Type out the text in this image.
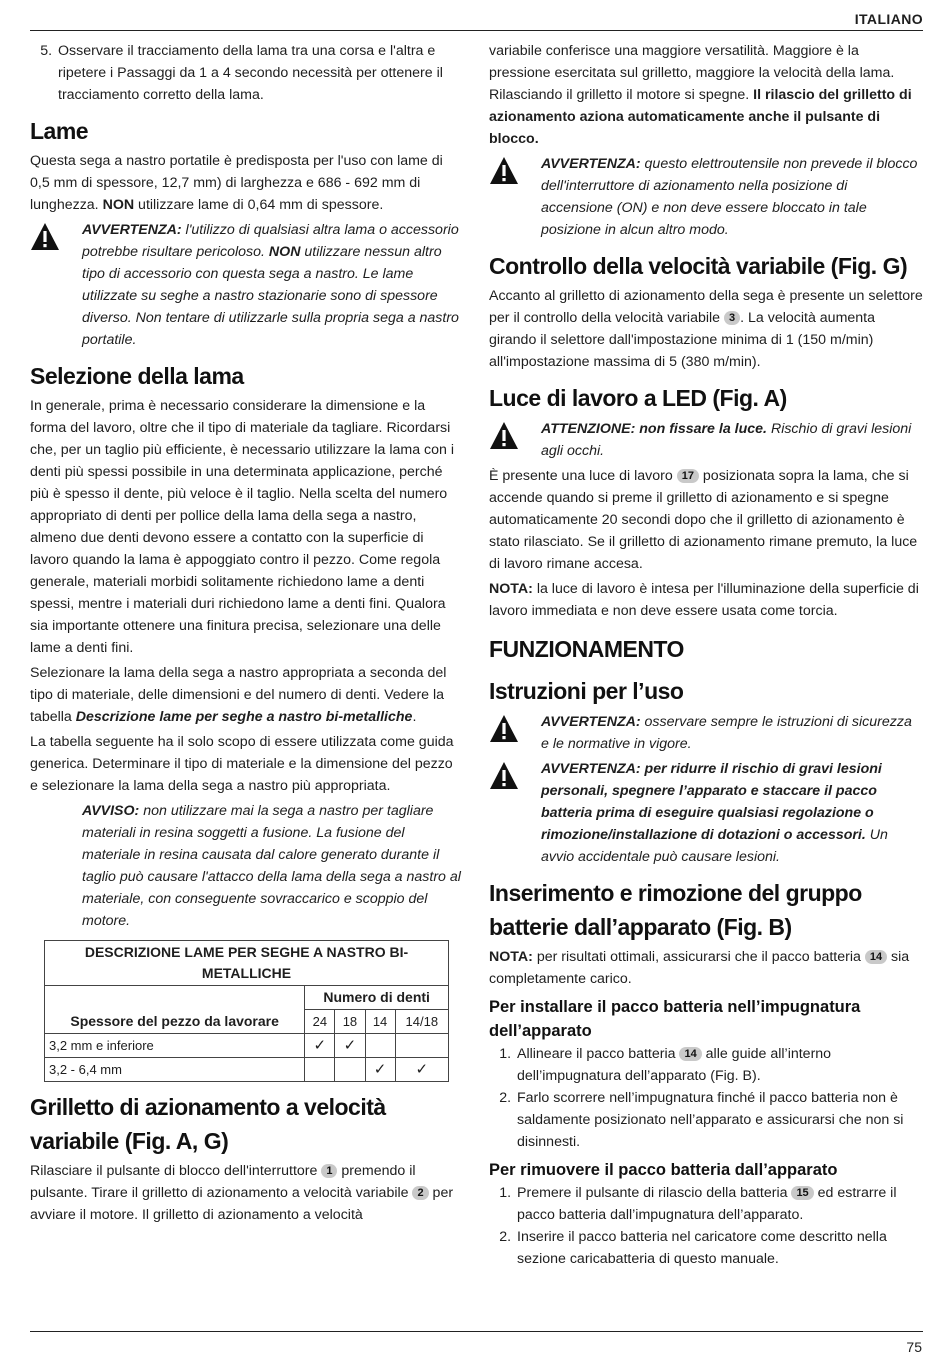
ITALIANO
5. Osservare il tracciamento della lama tra una corsa e l'altra e ripetere i Passaggi da 1 a 4 secondo necessità per ottenere il tracciamento corretto della lama.
Lame

Questa sega a nastro portatile è predisposta per l'uso con lame di 0,5 mm di spessore, 12,7 mm) di larghezza e 686 - 692 mm di lunghezza. NON utilizzare lame di 0,64 mm di spessore.

AVVERTENZA: l'utilizzo di qualsiasi altra lama o accessorio potrebbe risultare pericoloso. NON utilizzare nessun altro tipo di accessorio con questa sega a nastro. Le lame utilizzate su seghe a nastro stazionarie sono di spessore diverso. Non tentare di utilizzarle sulla propria sega a nastro portatile.
Selezione della lama

In generale, prima è necessario considerare la dimensione e la forma del lavoro, oltre che il tipo di materiale da tagliare. Ricordarsi che, per un taglio più efficiente, è necessario utilizzare la lama con i denti più spessi possibile in una determinata applicazione, perché più è spesso il dente, più veloce è il taglio. Nella scelta del numero appropriato di denti per pollice della lama della sega a nastro, almeno due denti devono essere a contatto con la superficie di lavoro quando la lama è appoggiato contro il pezzo. Come regola generale, materiali morbidi solitamente richiedono lame a denti spessi, mentre i materiali duri richiedono lame a denti fini. Qualora sia importante ottenere una finitura precisa, selezionare una delle lame a denti fini.

Selezionare la lama della sega a nastro appropriata a seconda del tipo di materiale, delle dimensioni e del numero di denti. Vedere la tabella Descrizione lame per seghe a nastro bi-metalliche.

La tabella seguente ha il solo scopo di essere utilizzata come guida generica. Determinare il tipo di materiale e la dimensione del pezzo e selezionare la lama della sega a nastro più appropriata.

AVVISO: non utilizzare mai la sega a nastro per tagliare materiali in resina soggetti a fusione. La fusione del materiale in resina causata dal calore generato durante il taglio può causare l'attacco della lama della sega a nastro al materiale, con conseguente sovraccarico e scoppio del motore.

DESCRIZIONE LAME PER SEGHE A NASTRO BI-METALLICHE				
	Numero di denti			
Spessore del pezzo da lavorare	24	18	14	14/18
3,2 mm e inferiore	✓	✓		
3,2 - 6,4 mm			✓	✓
Grilletto di azionamento a velocità variabile (Fig. A, G)

Rilasciare il pulsante di blocco dell'interruttore 1 premendo il pulsante. Tirare il grilletto di azionamento a velocità variabile 2 per avviare il motore. Il grilletto di azionamento a velocità

variabile conferisce una maggiore versatilità. Maggiore è la pressione esercitata sul grilletto, maggiore la velocità della lama. Rilasciando il grilletto il motore si spegne. Il rilascio del grilletto di azionamento aziona automaticamente anche il pulsante di blocco.

AVVERTENZA: questo elettroutensile non prevede il blocco dell'interruttore di azionamento nella posizione di accensione (ON) e non deve essere bloccato in tale posizione in alcun altro modo.
Controllo della velocità variabile (Fig. G)

Accanto al grilletto di azionamento della sega è presente un selettore per il controllo della velocità variabile 3 . La velocità aumenta girando il selettore dall'impostazione minima di 1 (150 m/min) all'impostazione massima di 5 (380 m/min).

Luce di lavoro a LED (Fig. A)
ATTENZIONE: non fissare la luce. Rischio di gravi lesioni agli occhi.

È presente una luce di lavoro 17 posizionata sopra la lama, che si accende quando si preme il grilletto di azionamento e si spegne automaticamente 20 secondi dopo che il grilletto di azionamento è stato rilasciato. Se il grilletto di azionamento rimane premuto, la luce di lavoro rimane accesa.

NOTA: la luce di lavoro è intesa per l'illuminazione della superficie di lavoro immediata e non deve essere usata come torcia.

FUNZIONAMENTO
Istruzioni per l’uso
AVVERTENZA: osservare sempre le istruzioni di sicurezza e le normative in vigore.
AVVERTENZA: per ridurre il rischio di gravi lesioni personali, spegnere l’apparato e staccare il pacco batteria prima di eseguire qualsiasi regolazione o rimozione/installazione di dotazioni o accessori. Un avvio accidentale può causare lesioni.
Inserimento e rimozione del gruppo batterie dall’apparato (Fig. B)

NOTA: per risultati ottimali, assicurarsi che il pacco batteria 14 sia completamente carico.

Per installare il pacco batteria nell’impugnatura dell’apparato
1. Allineare il pacco batteria 14 alle guide all’interno dell’impugnatura dell’apparato (Fig. B).
2. Farlo scorrere nell’impugnatura finché il pacco batteria non è saldamente posizionato nell’apparato e assicurarsi che non si disinnesti.
Per rimuovere il pacco batteria dall’apparato
1. Premere il pulsante di rilascio della batteria 15 ed estrarre il pacco batteria dall’impugnatura dell’apparato.
2. Inserire il pacco batteria nel caricatore come descritto nella sezione caricabatteria di questo manuale.
75
